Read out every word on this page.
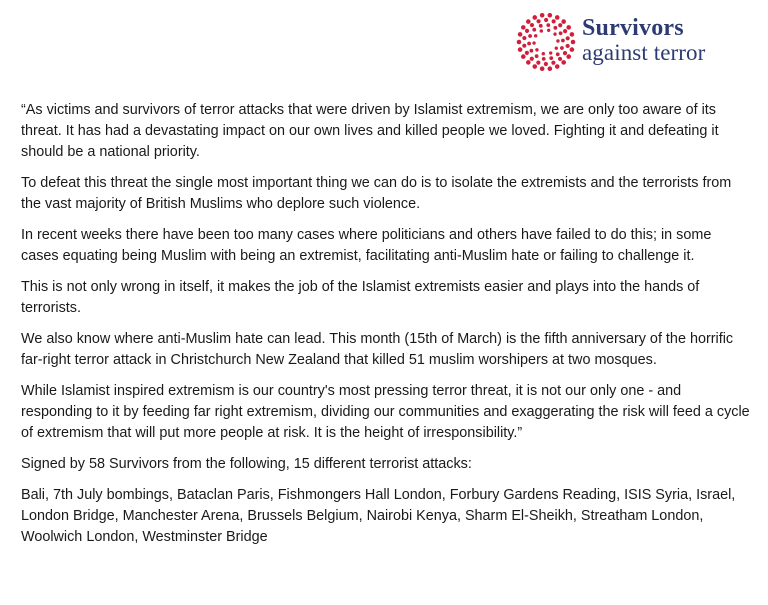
Survivors
against terror

“As victims and survivors of terror attacks that were driven by Islamist extremism, we are only too aware of its threat. It has had a devastating impact on our own lives and killed people we loved. Fighting it and defeating it should be a national priority.

To defeat this threat the single most important thing we can do is to isolate the extremists and the terrorists from the vast majority of British Muslims who deplore such violence.

In recent weeks there have been too many cases where politicians and others have failed to do this; in some cases equating being Muslim with being an extremist, facilitating anti-Muslim hate or failing to challenge it.

This is not only wrong in itself, it makes the job of the Islamist extremists easier and plays into the hands of terrorists.

We also know where anti-Muslim hate can lead. This month (15th of March) is the fifth anniversary of the horrific far-right terror attack in Christchurch New Zealand that killed 51 muslim worshipers at two mosques.

While Islamist inspired extremism is our country's most pressing terror threat, it is not our only one - and responding to it by feeding far right extremism, dividing our communities and exaggerating the risk will feed a cycle of extremism that will put more people at risk. It is the height of irresponsibility.”

Signed by 58 Survivors from the following, 15 different terrorist attacks:

Bali, 7th July bombings, Bataclan Paris, Fishmongers Hall London, Forbury Gardens Reading, ISIS Syria, Israel, London Bridge, Manchester Arena, Brussels Belgium, Nairobi Kenya, Sharm El-Sheikh, Streatham London, Woolwich London, Westminster Bridge
